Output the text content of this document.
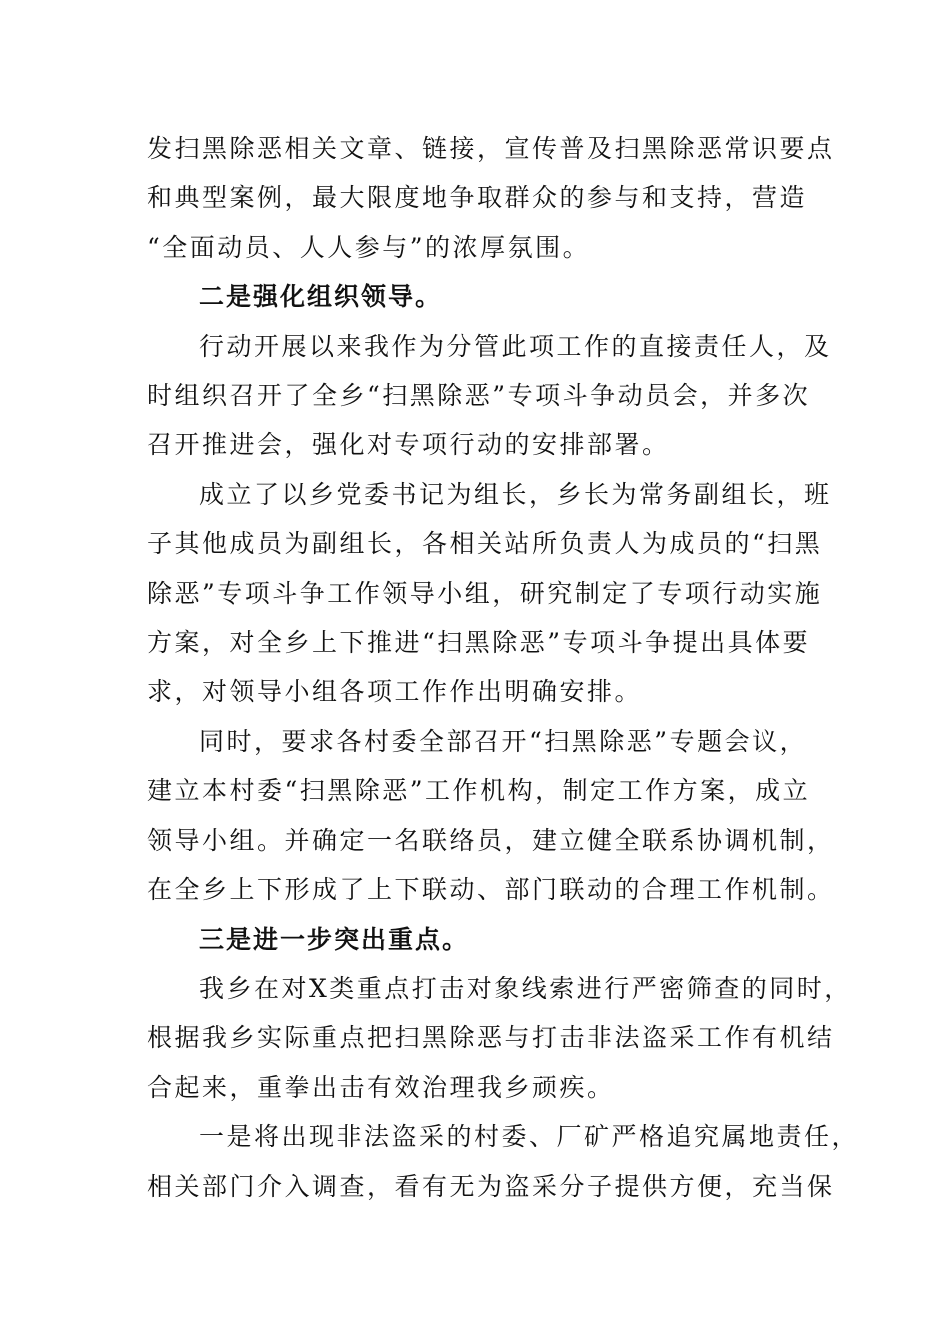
发扫黑除恶相关文章、链接，宣传普及扫黑除恶常识要点
和典型案例，最大限度地争取群众的参与和支持，营造
“全面动员、人人参与”的浓厚氛围。
二是强化组织领导。
行动开展以来我作为分管此项工作的直接责任人，及
时组织召开了全乡“扫黑除恶”专项斗争动员会，并多次
召开推进会，强化对专项行动的安排部署。
成立了以乡党委书记为组长，乡长为常务副组长，班
子其他成员为副组长，各相关站所负责人为成员的“扫黑
除恶”专项斗争工作领导小组，研究制定了专项行动实施
方案，对全乡上下推进“扫黑除恶”专项斗争提出具体要
求，对领导小组各项工作作出明确安排。
同时，要求各村委全部召开“扫黑除恶”专题会议，
建立本村委“扫黑除恶”工作机构，制定工作方案，成立
领导小组。并确定一名联络员，建立健全联系协调机制，
在全乡上下形成了上下联动、部门联动的合理工作机制。
三是进一步突出重点。
我乡在对X类重点打击对象线索进行严密筛查的同时，
根据我乡实际重点把扫黑除恶与打击非法盗采工作有机结
合起来，重拳出击有效治理我乡顽疾。
一是将出现非法盗采的村委、厂矿严格追究属地责任，
相关部门介入调查，看有无为盗采分子提供方便，充当保
